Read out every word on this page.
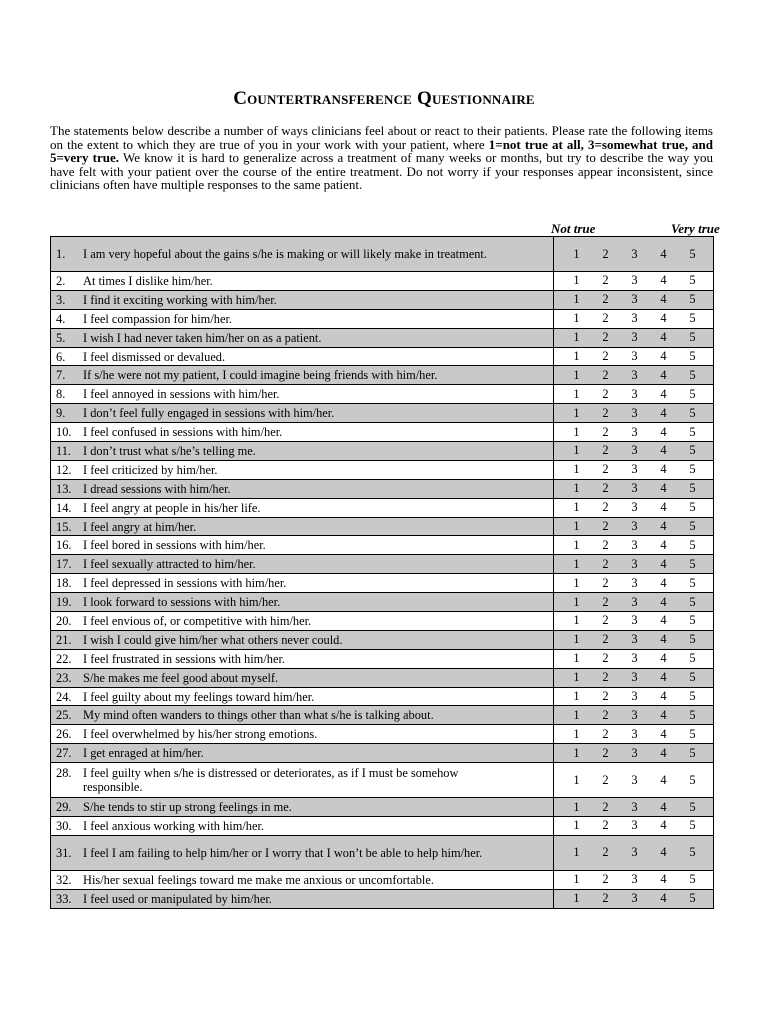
Countertransference Questionnaire
The statements below describe a number of ways clinicians feel about or react to their patients. Please rate the following items on the extent to which they are true of you in your work with your patient, where 1=not true at all, 3=somewhat true, and 5=very true. We know it is hard to generalize across a treatment of many weeks or months, but try to describe the way you have felt with your patient over the course of the entire treatment. Do not worry if your responses appear inconsistent, since clinicians often have multiple responses to the same patient.
Not true	Very true
1. I am very hopeful about the gains s/he is making or will likely make in treatment.	1 2 3 4 5

2. At times I dislike him/her.	1 2 3 4 5

3. I find it exciting working with him/her.	1 2 3 4 5

4. I feel compassion for him/her.	1 2 3 4 5

5. I wish I had never taken him/her on as a patient.	1 2 3 4 5

6. I feel dismissed or devalued.	1 2 3 4 5

7. If s/he were not my patient, I could imagine being friends with him/her.	1 2 3 4 5

8. I feel annoyed in sessions with him/her.	1 2 3 4 5

9. I don’t feel fully engaged in sessions with him/her.	1 2 3 4 5

10. I feel confused in sessions with him/her.	1 2 3 4 5

11. I don’t trust what s/he’s telling me.	1 2 3 4 5

12. I feel criticized by him/her.	1 2 3 4 5

13. I dread sessions with him/her.	1 2 3 4 5

14. I feel angry at people in his/her life.	1 2 3 4 5

15. I feel angry at him/her.	1 2 3 4 5

16. I feel bored in sessions with him/her.	1 2 3 4 5

17. I feel sexually attracted to him/her.	1 2 3 4 5

18. I feel depressed in sessions with him/her.	1 2 3 4 5

19. I look forward to sessions with him/her.	1 2 3 4 5

20. I feel envious of, or competitive with him/her.	1 2 3 4 5

21. I wish I could give him/her what others never could.	1 2 3 4 5

22. I feel frustrated in sessions with him/her.	1 2 3 4 5

23. S/he makes me feel good about myself.	1 2 3 4 5

24. I feel guilty about my feelings toward him/her.	1 2 3 4 5

25. My mind often wanders to things other than what s/he is talking about.	1 2 3 4 5

26. I feel overwhelmed by his/her strong emotions.	1 2 3 4 5

27. I get enraged at him/her.	1 2 3 4 5

28. I feel guilty when s/he is distressed or deteriorates, as if I must be somehow responsible.	1 2 3 4 5

29. S/he tends to stir up strong feelings in me.	1 2 3 4 5

30. I feel anxious working with him/her.	1 2 3 4 5

31. I feel I am failing to help him/her or I worry that I won’t be able to help him/her.	1 2 3 4 5

32. His/her sexual feelings toward me make me anxious or uncomfortable.	1 2 3 4 5

33. I feel used or manipulated by him/her.	1 2 3 4 5
